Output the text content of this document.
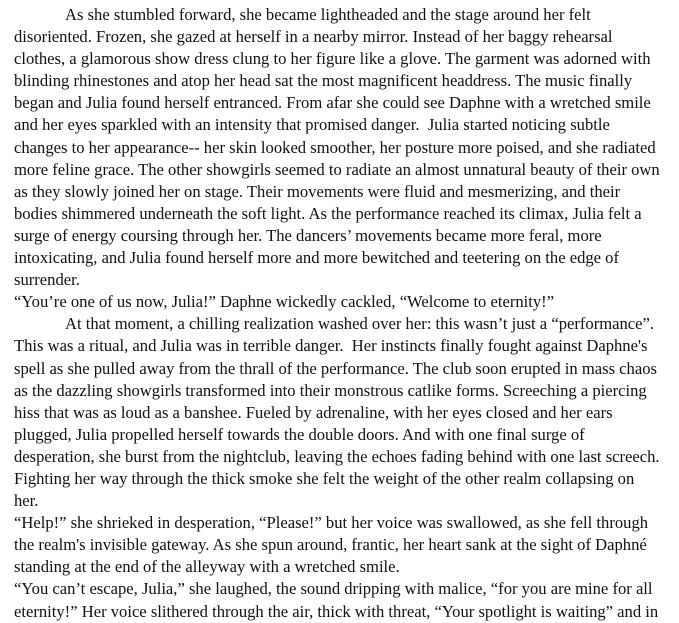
As she stumbled forward, she became lightheaded and the stage around her felt
disoriented. Frozen, she gazed at herself in a nearby mirror. Instead of her baggy rehearsal
clothes, a glamorous show dress clung to her figure like a glove. The garment was adorned with
blinding rhinestones and atop her head sat the most magnificent headdress. The music finally
began and Julia found herself entranced. From afar she could see Daphne with a wretched smile
and her eyes sparkled with an intensity that promised danger.  Julia started noticing subtle
changes to her appearance-- her skin looked smoother, her posture more poised, and she radiated
more feline grace. The other showgirls seemed to radiate an almost unnatural beauty of their own
as they slowly joined her on stage. Their movements were fluid and mesmerizing, and their
bodies shimmered underneath the soft light. As the performance reached its climax, Julia felt a
surge of energy coursing through her. The dancers’ movements became more feral, more
intoxicating, and Julia found herself more and more bewitched and teetering on the edge of
surrender.
“You’re one of us now, Julia!” Daphne wickedly cackled, “Welcome to eternity!”
At that moment, a chilling realization washed over her: this wasn’t just a “performance”.
This was a ritual, and Julia was in terrible danger.  Her instincts finally fought against Daphne's
spell as she pulled away from the thrall of the performance. The club soon erupted in mass chaos
as the dazzling showgirls transformed into their monstrous catlike forms. Screeching a piercing
hiss that was as loud as a banshee. Fueled by adrenaline, with her eyes closed and her ears
plugged, Julia propelled herself towards the double doors. And with one final surge of
desperation, she burst from the nightclub, leaving the echoes fading behind with one last screech.
Fighting her way through the thick smoke she felt the weight of the other realm collapsing on
her.
“Help!” she shrieked in desperation, “Please!” but her voice was swallowed, as she fell through
the realm's invisible gateway. As she spun around, frantic, her heart sank at the sight of Daphné
standing at the end of the alleyway with a wretched smile.
“You can’t escape, Julia,” she laughed, the sound dripping with malice, “for you are mine for all
eternity!” Her voice slithered through the air, thick with threat, “Your spotlight is waiting” and in
